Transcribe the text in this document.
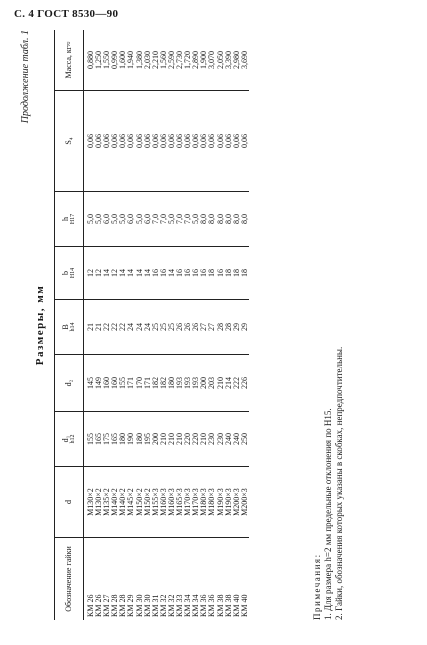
С. 4 ГОСТ 8530—90
Продолжение табл. 1
Размеры, мм
Обозначение гайки	d	d₁ h12	d₂	B h14	b H14	h H17	S₄	Масса, кг≈
КМ 26	М130×2	155	145	21	12	5,0	0,06	0,880
КМ 26	М130×2	165	149	21	12	5,0	0,06	1,250
КМ 27	М135×2	175	160	22	14	6,0	0,06	1,550
КМ 28	М140×2	165	160	22	12	5,0	0,06	0,990
КМ 28	М140×2	180	155	22	14	5,0	0,06	1,600
КМ 29	М145×2	190	171	24	14	6,0	0,06	1,940
КМ 30	М150×2	180	170	24	14	5,0	0,06	1,380
КМ 30	М150×2	195	171	24	14	6,0	0,06	2,030
КМ 31	М155×3	200	182	25	16	7,0	0,06	2,210
КМ 32	М160×3	210	182	25	16	7,0	0,06	1,560
КМ 32	М160×3	210	180	25	14	5,0	0,06	2,590
КМ 33	М165×3	210	193	26	16	7,0	0,06	2,730
КМ 34	М170×3	220	193	26	16	7,0	0,06	1,720
КМ 34	М170×3	220	193	26	16	5,0	0,06	2,890
КМ 36	М180×3	210	200	27	16	8,0	0,06	1,900
КМ 36	М180×3	230	203	27	18	8,0	0,06	3,070
КМ 38	М190×3	230	210	28	16	8,0	0,06	2,050
КМ 38	М190×3	240	214	28	18	8,0	0,06	3,390
КМ 40	М200×3	240	222	29	18	8,0	0,06	2,980
КМ 40	М200×3	250	226	29	18	8,0	0,06	3,690
Примечания: 1. Для размера h=2 мм предельные отклонения по H15. 2. Гайки, обозначения которых указаны в скобках, непредпочтительны.
